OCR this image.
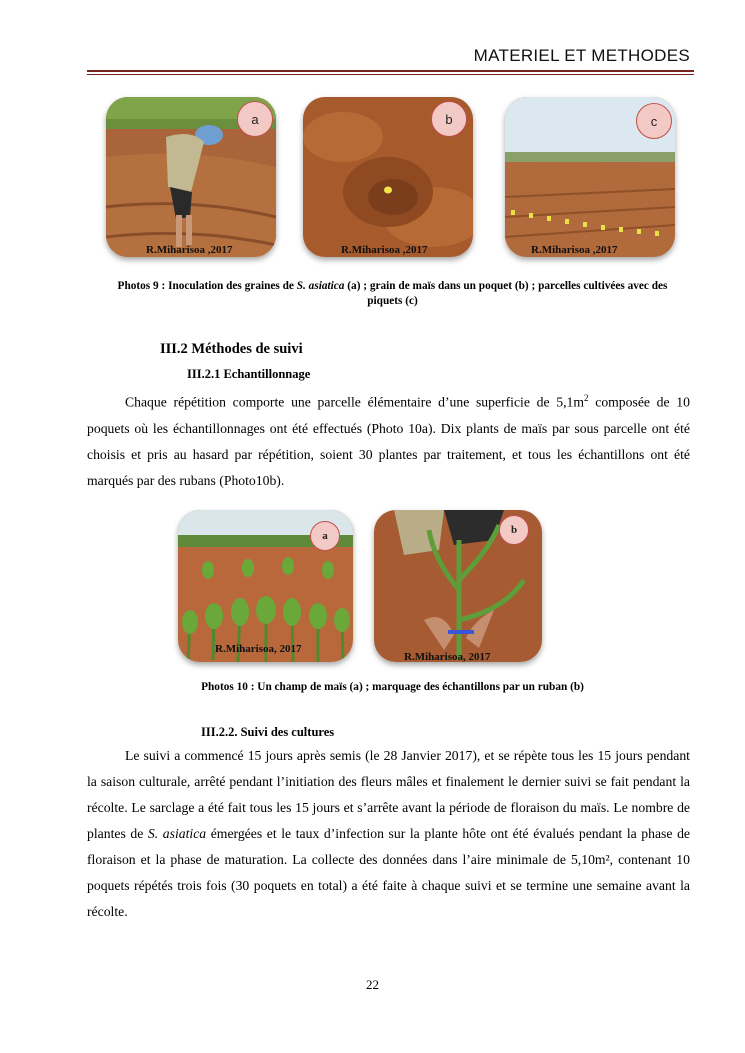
MATERIEL ET METHODES
a
R.Miharisoa ,2017
b
R.Miharisoa ,2017
c
R.Miharisoa ,2017
Photos 9 : Inoculation des graines de S. asiatica (a) ; grain de maïs dans un poquet (b) ; parcelles cultivées avec des
piquets (c)
III.2 Méthodes de suivi
III.2.1 Echantillonnage

Chaque répétition comporte une parcelle élémentaire d’une superficie de $5,1m^2$ composée de 10 poquets où les échantillonnages ont été effectués (Photo 10a). Dix plants de maïs par sous parcelle ont été choisis et pris au hasard par répétition, soient 30 plantes par traitement, et tous les échantillons ont été marqués par des rubans (Photo10b).

a
R.Miharisoa, 2017
b
R.Miharisoa, 2017
Photos 10 : Un champ de maïs (a) ; marquage des échantillons par un ruban (b)
III.2.2. Suivi des cultures

Le suivi a commencé 15 jours après semis (le 28 Janvier 2017), et se répète tous les 15 jours pendant la saison culturale, arrêté pendant l’initiation des fleurs mâles et finalement le dernier suivi se fait pendant la récolte. Le sarclage a été fait tous les 15 jours et s’arrête avant la période de floraison du maïs. Le nombre de plantes de S. asiatica émergées et le taux d’infection sur la plante hôte ont été évalués pendant la phase de floraison et la phase de maturation. La collecte des données dans l’aire minimale de 5,10m², contenant 10 poquets répétés trois fois (30 poquets en total) a été faite à chaque suivi et se termine une semaine avant la récolte.

22
